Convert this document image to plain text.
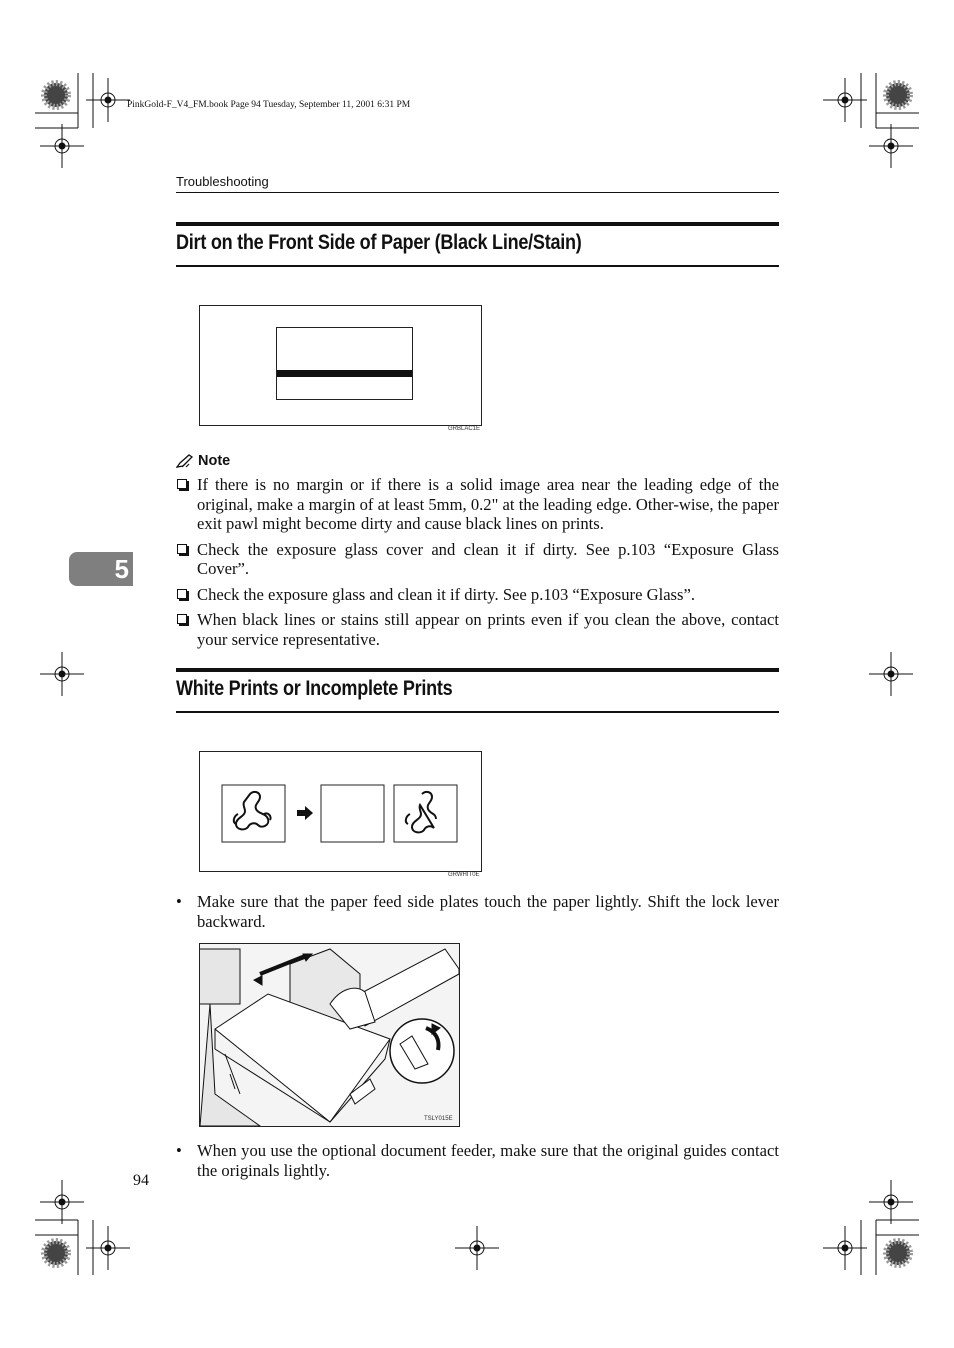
PinkGold-F_V4_FM.book Page 94 Tuesday, September 11, 2001 6:31 PM
Troubleshooting
Dirt on the Front Side of Paper (Black Line/Stain)
GRBLAC1E
Note
If there is no margin or if there is a solid image area near the leading edge of the original, make a margin of at least 5mm, 0.2" at the leading edge. Other-wise, the paper exit pawl might become dirty and cause black lines on prints.
Check the exposure glass cover and clean it if dirty. See p.103 “Exposure Glass Cover”.
Check the exposure glass and clean it if dirty. See p.103 “Exposure Glass”.
When black lines or stains still appear on prints even if you clean the above, contact your service representative.
5
White Prints or Incomplete Prints
GRWHIT0E
• Make sure that the paper feed side plates touch the paper lightly. Shift the lock lever backward.
TSLY015E
• When you use the optional document feeder, make sure that the original guides contact the originals lightly.
94
